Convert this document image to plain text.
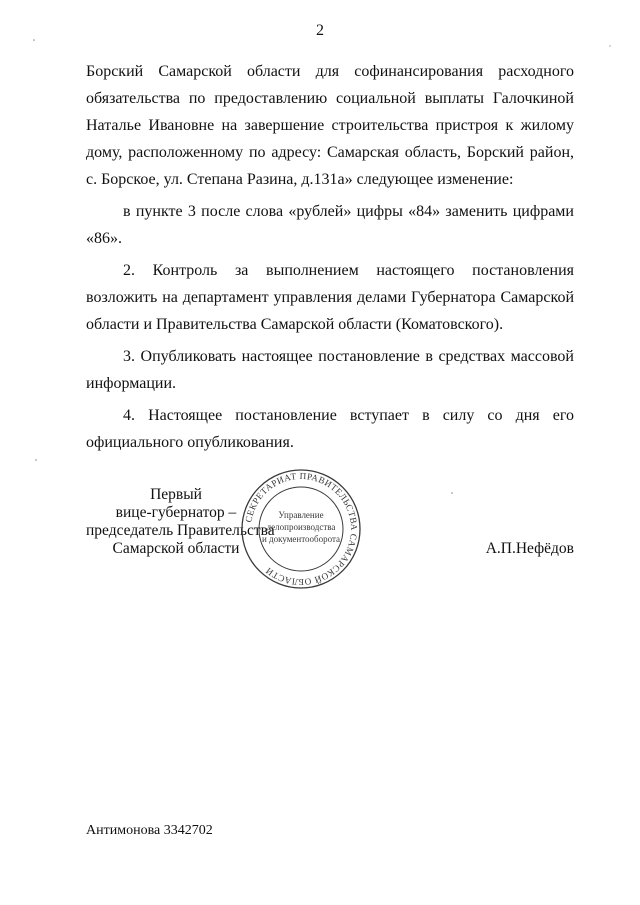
2

Борский Самарской области для софинансирования расходного обязательства по предоставлению социальной выплаты Галочкиной Наталье Ивановне на завершение строительства пристроя к жилому дому, расположенному по адресу: Самарская область, Борский район, с. Борское, ул. Степана Разина, д.131а» следующее изменение:

в пункте 3 после слова «рублей» цифры «84» заменить цифрами «86».

2. Контроль за выполнением настоящего постановления возложить на департамент управления делами Губернатора Самарской области и Правительства Самарской области (Коматовского).

3. Опубликовать настоящее постановление в средствах массовой информации.

4. Настоящее постановление вступает в силу со дня его официального опубликования.

Первый
вице-губернатор –
председатель Правительства
Самарской области
СЕКРЕТАРИАТ ПРАВИТЕЛЬСТВА САМАРСКОЙ ОБЛАСТИ
Управление
делопроизводства
и документооборота
А.П.Нефёдов
Антимонова 3342702
